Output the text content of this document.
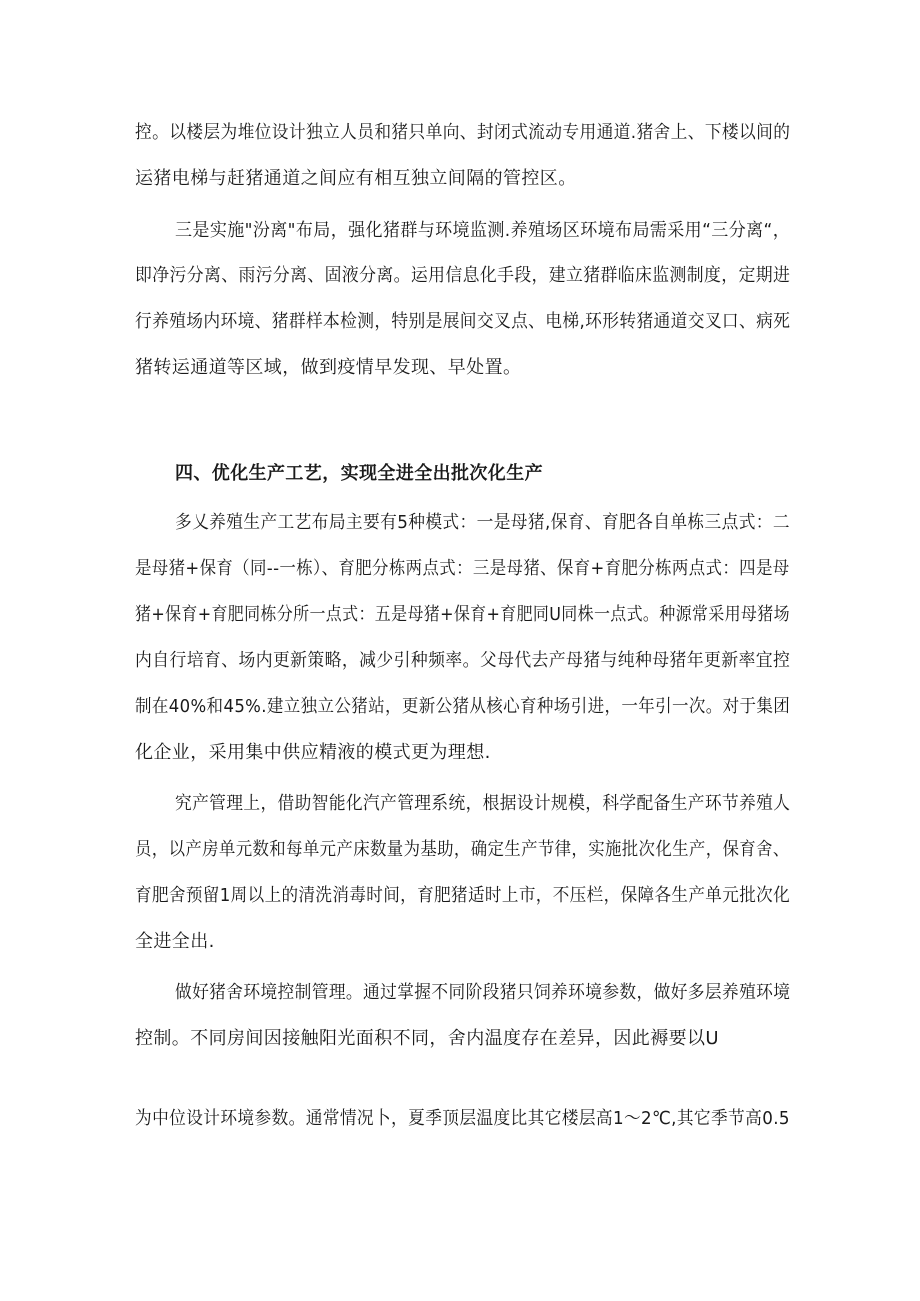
控。以楼层为堆位设计独立人员和猪只单向、封闭式流动专用通道.猪舍上、下楼以间的
运猪电梯与赶猪通道之间应有相互独立间隔的管控区。
三是实施"汾离"布局，强化猪群与环境监测.养殖场区环境布局需采用“三分离“，
即净污分离、雨污分离、固液分离。运用信息化手段，建立猪群临床监测制度，定期进
行养殖场内环境、猪群样本检测，特别是展间交叉点、电梯,环形转猪通道交叉口、病死
猪转运通道等区域，做到疫情早发现、早处置。
四、优化生产工艺，实现全进全出批次化生产
多乂养殖生产工艺布局主要有5种模式：一是母猪,保育、育肥各自单栋三点式：二
是母猪+保育（同--一栋）、育肥分栋两点式：三是母猪、保育+育肥分栋两点式：四是母
猪+保育+育肥同栋分所一点式：五是母猪+保育+育肥同U同株一点式。种源常采用母猪场
内自行培育、场内更新策略，减少引种频率。父母代去产母猪与纯种母猪年更新率宜控
制在40%和45%.建立独立公猪站，更新公猪从核心育种场引进，一年引一次。对于集团
化企业，采用集中供应精液的模式更为理想.
究产管理上，借助智能化汽产管理系统，根据设计规模，科学配备生产环节养殖人
员，以产房单元数和每单元产床数量为基助，确定生产节律，实施批次化生产，保育舍、
育肥舍预留1周以上的清洗消毒时间，育肥猪适时上市，不压栏，保障各生产单元批次化
全进全出.
做好猪舍环境控制管理。通过掌握不同阶段猪只饲养环境参数，做好多层养殖环境
控制。不同房间因接触阳光面积不同，舍内温度存在差异，因此褥要以U
为中位设计环境参数。通常情况卜，夏季顶层温度比其它楼层高1～2℃,其它季节高0.5
